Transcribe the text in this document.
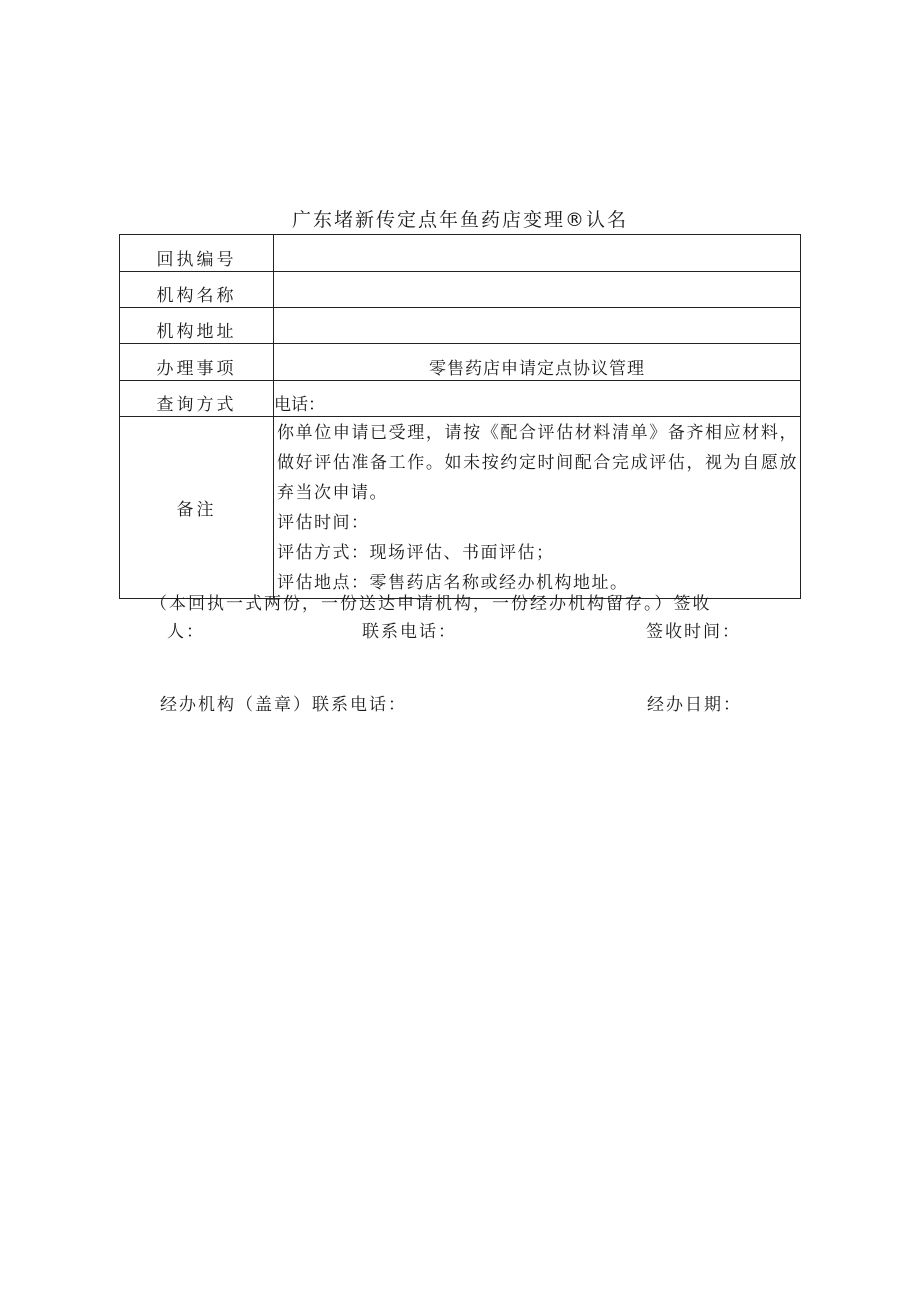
广东堵新传定点年鱼药店变理®认名
回执编号	
机构名称	
机构地址	
办理事项	零售药店申请定点协议管理
查询方式	电话：
备注	你单位申请已受理，请按《配合评估材料清单》备齐相应材料，做好评估准备工作。如未按约定时间配合完成评估，视为自愿放弃当次申请。
评估时间：
评估方式：现场评估、书面评估；
评估地点：零售药店名称或经办机构地址。
（本回执一式两份，一份送达申请机构，一份经办机构留存。）签收
人：	联系电话：	签收时间：
经办机构（盖章）联系电话：	经办日期：
